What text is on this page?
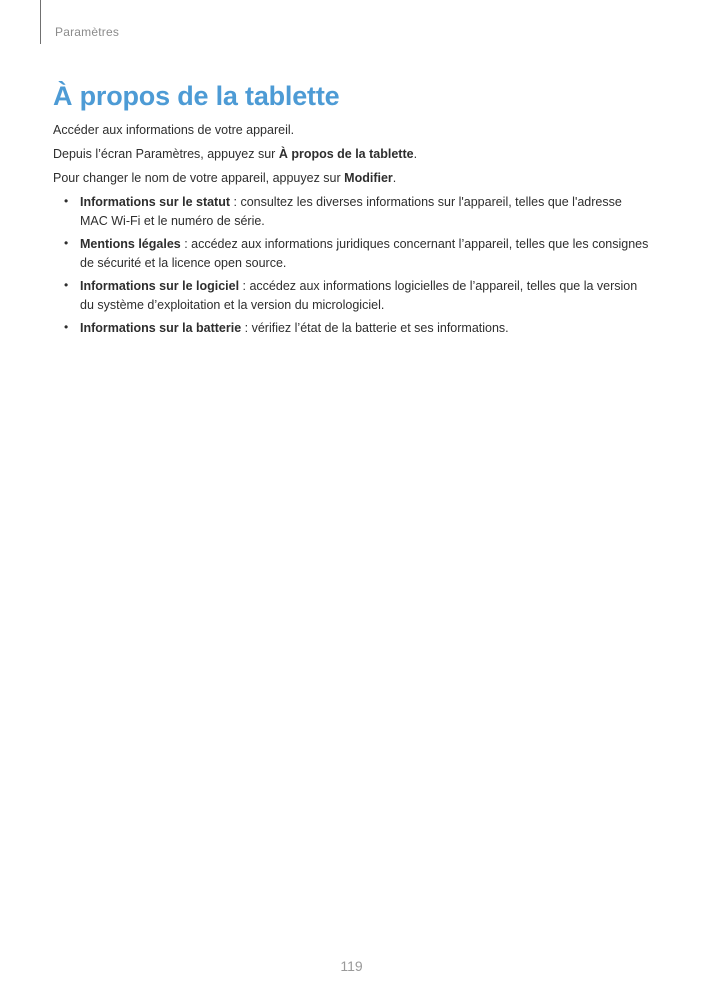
Paramètres
À propos de la tablette

Accéder aux informations de votre appareil.

Depuis l’écran Paramètres, appuyez sur À propos de la tablette.

Pour changer le nom de votre appareil, appuyez sur Modifier.

• Informations sur le statut : consultez les diverses informations sur l'appareil, telles que l'adresse MAC Wi-Fi et le numéro de série.
• Mentions légales : accédez aux informations juridiques concernant l’appareil, telles que les consignes de sécurité et la licence open source.
• Informations sur le logiciel : accédez aux informations logicielles de l’appareil, telles que la version du système d’exploitation et la version du micrologiciel.
• Informations sur la batterie : vérifiez l’état de la batterie et ses informations.
119
